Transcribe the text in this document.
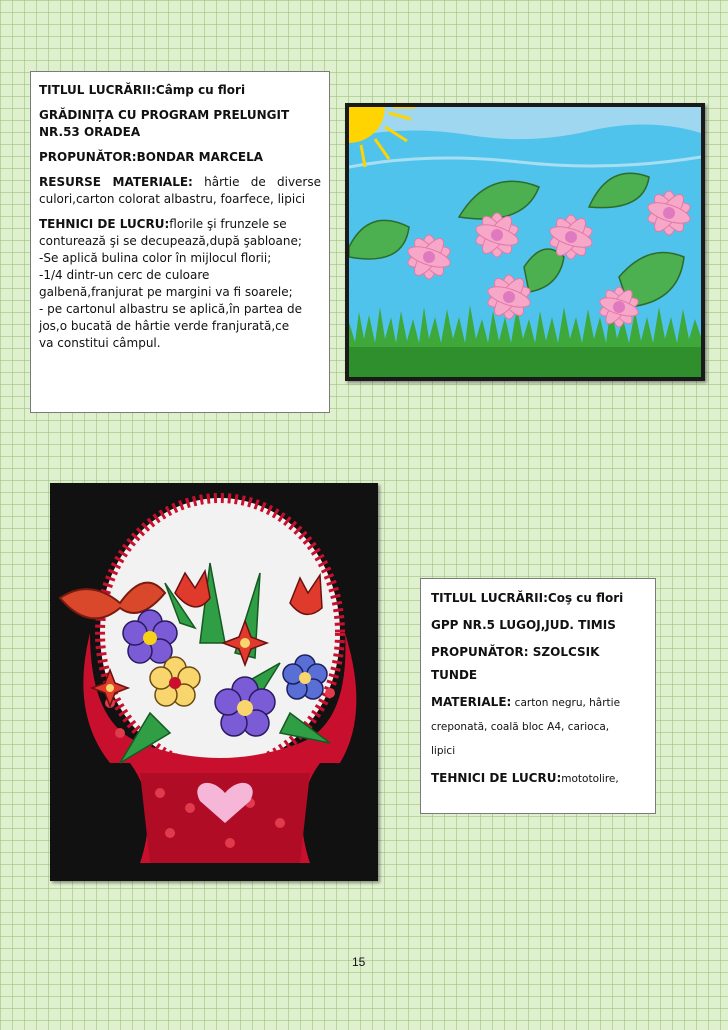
TITLUL LUCRĂRII:Câmp cu flori

GRĂDINIȚA CU PROGRAM PRELUNGIT
NR.53 ORADEA

PROPUNĂTOR:BONDAR MARCELA

RESURSE MATERIALE: hârtie de diverse culori,carton colorat albastru, foarfece, lipici

TEHNICI DE LUCRU:florile şi frunzele se
conturează şi se decupează,după şabloane;
-Se aplică bulina color în mijlocul florii;
-1/4 dintr-un cerc de culoare
galbenă,franjurat pe margini va fi soarele;
- pe cartonul albastru se aplică,în partea de
jos,o bucată de hârtie verde franjurată,ce
va constitui câmpul.

TITLUL LUCRĂRII:Coş cu flori

GPP NR.5 LUGOJ,JUD. TIMIS

PROPUNĂTOR: SZOLCSIK
TUNDE

MATERIALE: carton negru, hârtie
creponată, coală bloc A4, carioca,
lipici

TEHNICI DE LUCRU:mototolire,

15
